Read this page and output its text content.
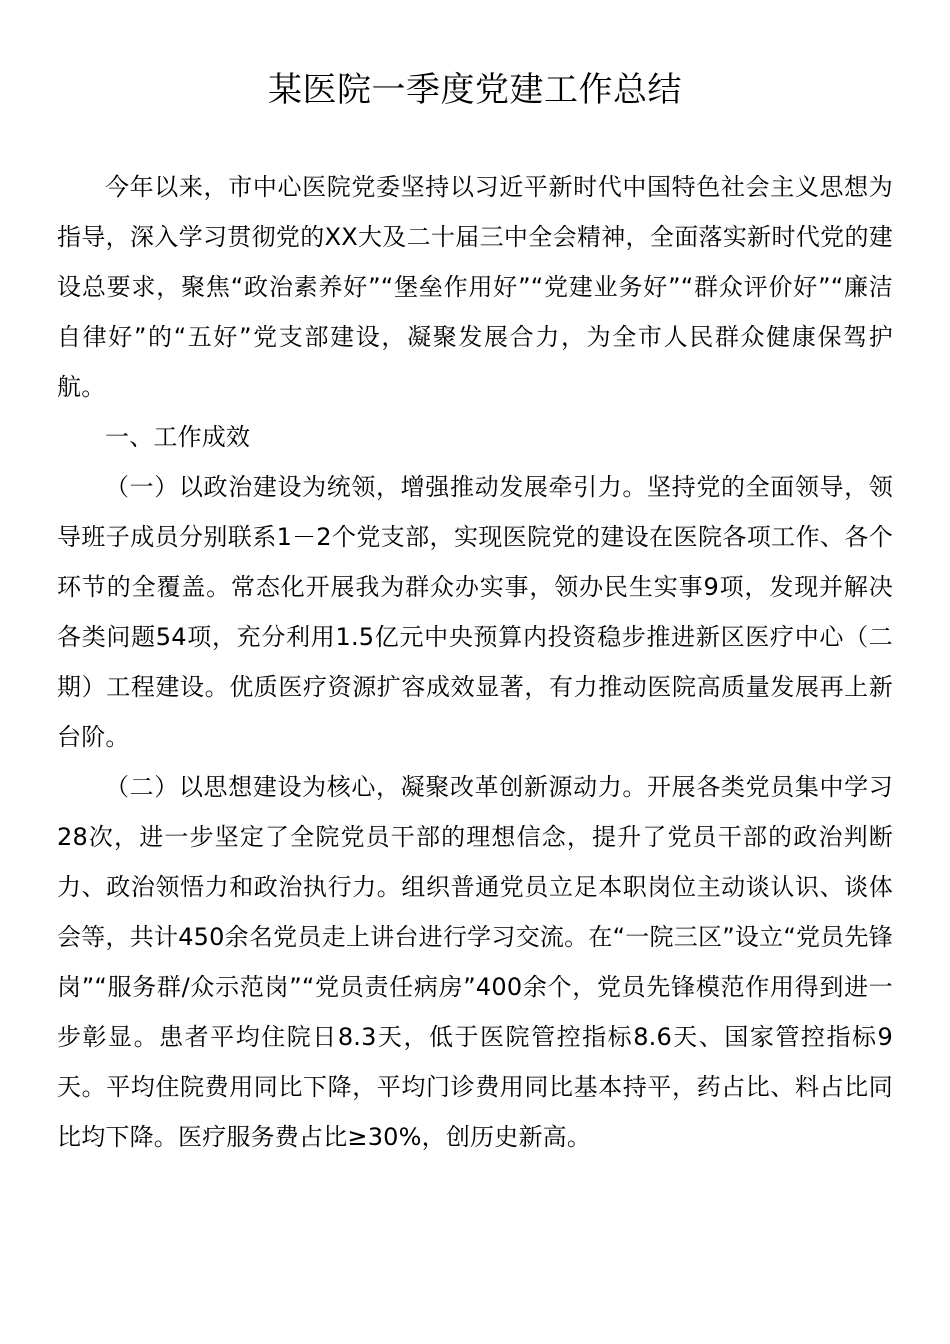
某医院一季度党建工作总结

今年以来，市中心医院党委坚持以习近平新时代中国特色社会主义思想为指导，深入学习贯彻党的XX大及二十届三中全会精神，全面落实新时代党的建设总要求，聚焦“政治素养好”“堡垒作用好”“党建业务好”“群众评价好”“廉洁自律好”的“五好”党支部建设，凝聚发展合力，为全市人民群众健康保驾护航。

一、工作成效

（一）以政治建设为统领，增强推动发展牵引力。坚持党的全面领导，领导班子成员分别联系1－2个党支部，实现医院党的建设在医院各项工作、各个环节的全覆盖。常态化开展我为群众办实事，领办民生实事9项，发现并解决各类问题54项，充分利用1.5亿元中央预算内投资稳步推进新区医疗中心（二期）工程建设。优质医疗资源扩容成效显著，有力推动医院高质量发展再上新台阶。

（二）以思想建设为核心，凝聚改革创新源动力。开展各类党员集中学习28次，进一步坚定了全院党员干部的理想信念，提升了党员干部的政治判断力、政治领悟力和政治执行力。组织普通党员立足本职岗位主动谈认识、谈体会等，共计450余名党员走上讲台进行学习交流。在“一院三区”设立“党员先锋岗”“服务群/众示范岗”“党员责任病房”400余个，党员先锋模范作用得到进一步彰显。患者平均住院日8.3天，低于医院管控指标8.6天、国家管控指标9天。平均住院费用同比下降，平均门诊费用同比基本持平，药占比、料占比同比均下降。医疗服务费占比≥30%，创历史新高。
